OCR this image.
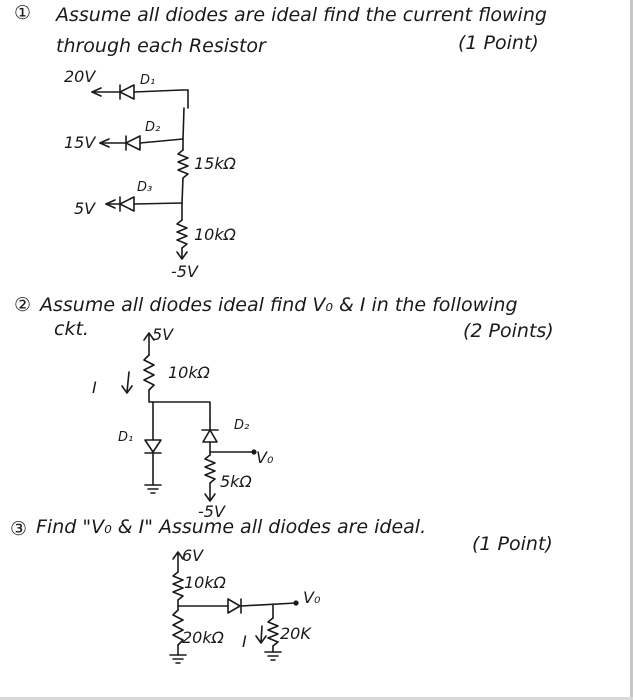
① Assume all diodes are ideal find the current flowing
through each Resistor	(1 Point)
20V	D₁
15V
D₂
5V
D₃
15kΩ
10kΩ
-5V
② Assume all diodes ideal find V₀ & I in the following
ckt.	(2 Points)
5V
I
10kΩ
D₁
D₂
V₀
5kΩ
-5V
③ Find "V₀ & I" Assume all diodes are ideal.
(1 Point)
6V
10kΩ
V₀
20kΩ I 20K
